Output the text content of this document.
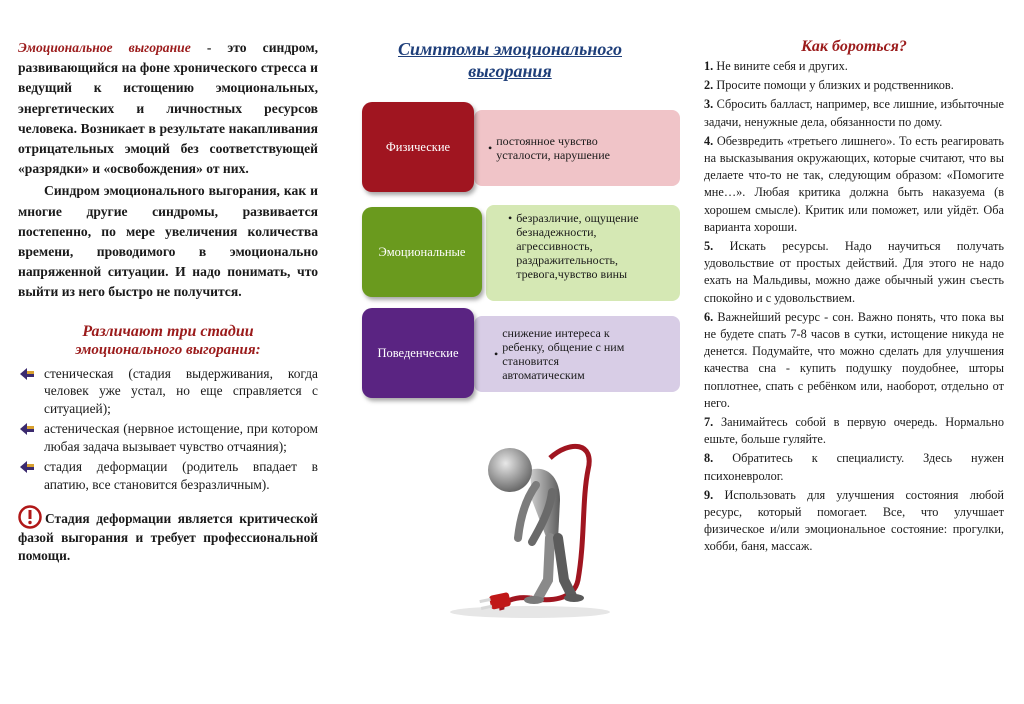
Эмоциональное выгорание - это синдром, развивающийся на фоне хронического стресса и ведущий к истощению эмоциональных, энергетических и личностных ресурсов человека. Возникает в результате накапливания отрицательных эмоций без соответствующей «разрядки» и «освобождения» от них.

Синдром эмоционального выгорания, как и многие другие синдромы, развивается постепенно, по мере увеличения количества времени, проводимого в эмоционально напряженной ситуации. И надо понимать, что выйти из него быстро не получится.

Различают три стадии
эмоционального выгорания:
стеническая (стадия выдерживания, когда человек уже устал, но еще справляется с ситуацией);
астеническая (нервное истощение, при котором любая задача вызывает чувство отчаяния);
стадия деформации (родитель впадает в апатию, все становится безразличным).
Стадия деформации является критической фазой выгорания и требует профессиональной помощи.
Симптомы эмоционального выгорания
Физические	• постоянное чувство усталости, нарушение
Эмоциональные
• безразличие, ощущение безнадежности, агрессивность, раздражительность, тревога,чувство вины
Поведенческие	•
снижение интереса к ребенку, общение с ним становится автоматическим
Как бороться?
1. Не вините себя и других.
2. Просите помощи у близких и родственников.
3. Сбросить балласт, например, все лишние, избыточные задачи, ненужные дела, обязанности по дому.
4. Обезвредить «третьего лишнего». То есть реагировать на высказывания окружающих, которые считают, что вы делаете что-то не так, следующим образом: «Помогите мне…». Любая критика должна быть наказуема (в хорошем смысле). Критик или поможет, или уйдёт. Оба варианта хороши.
5. Искать ресурсы. Надо научиться получать удовольствие от простых действий. Для этого не надо ехать на Мальдивы, можно даже обычный ужин съесть спокойно и с удовольствием.
6. Важнейший ресурс - сон. Важно понять, что пока вы не будете спать 7-8 часов в сутки, истощение никуда не денется. Подумайте, что можно сделать для улучшения качества сна - купить подушку поудобнее, шторы поплотнее, спать с ребёнком или, наоборот, отдельно от него.
7. Занимайтесь собой в первую очередь. Нормально ешьте, больше гуляйте.
8. Обратитесь к специалисту. Здесь нужен психоневролог.
9. Использовать для улучшения состояния любой ресурс, который помогает. Все, что улучшает физическое и/или эмоциональное состояние: прогулки, хобби, баня, массаж.
